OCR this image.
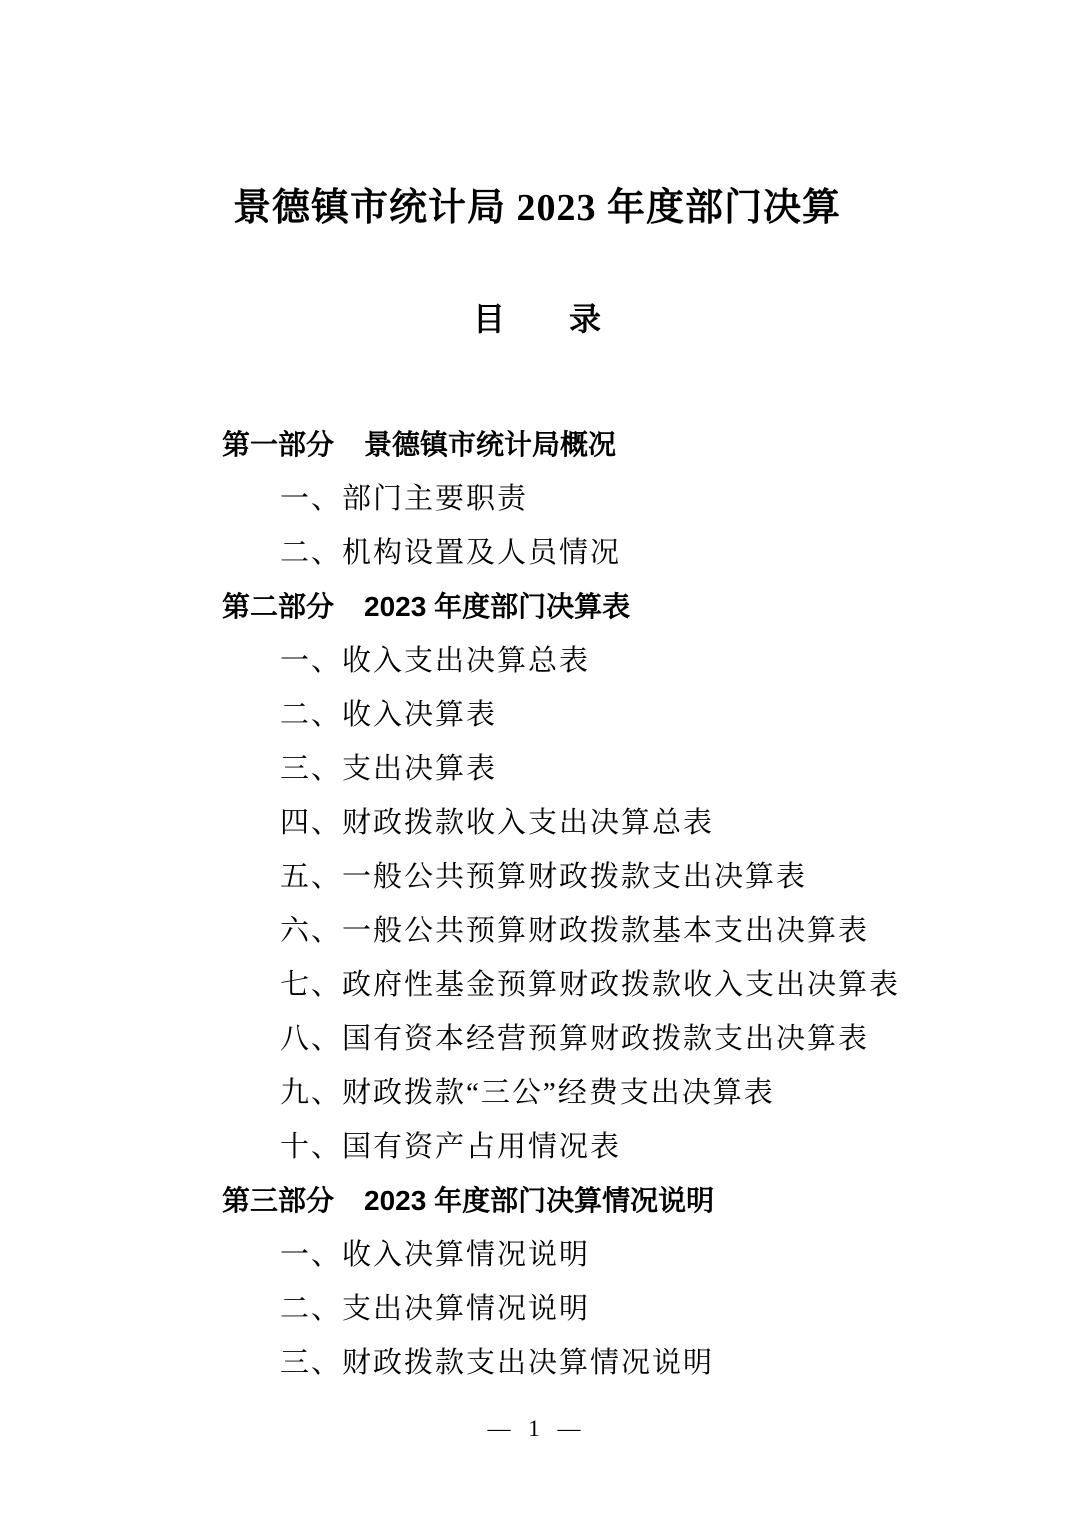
景德镇市统计局 2023 年度部门决算
目　　录
第一部分 景德镇市统计局概况
一、部门主要职责
二、机构设置及人员情况
第二部分 2023 年度部门决算表
一、收入支出决算总表
二、收入决算表
三、支出决算表
四、财政拨款收入支出决算总表
五、一般公共预算财政拨款支出决算表
六、一般公共预算财政拨款基本支出决算表
七、政府性基金预算财政拨款收入支出决算表
八、国有资本经营预算财政拨款支出决算表
九、财政拨款“三公”经费支出决算表
十、国有资产占用情况表
第三部分 2023 年度部门决算情况说明
一、收入决算情况说明
二、支出决算情况说明
三、财政拨款支出决算情况说明
— 1 —
